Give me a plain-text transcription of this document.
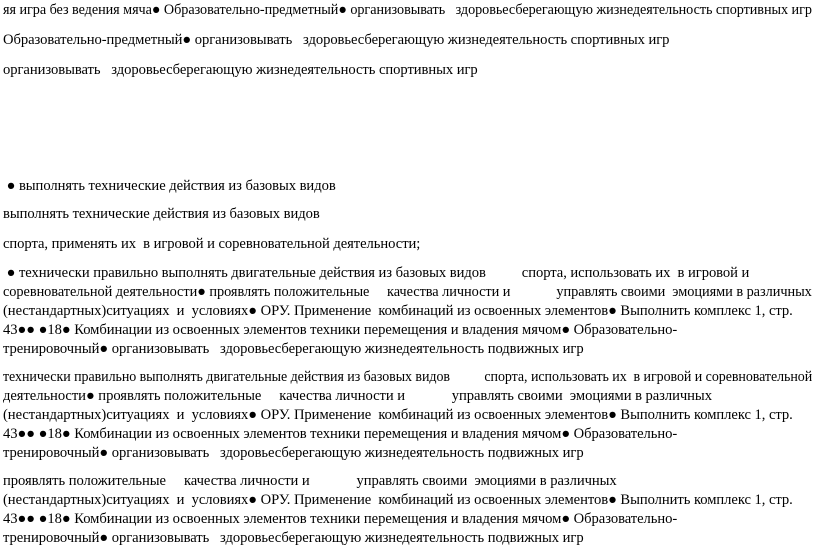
яя игра без ведения мяча● Образовательно-предметный● организовывать   здоровьесберегающую жизнедеятельность спортивных игр
Образовательно-предметный● организовывать   здоровьесберегающую жизнедеятельность спортивных игр
организовывать   здоровьесберегающую жизнедеятельность спортивных игр
● выполнять технические действия из базовых видов
выполнять технические действия из базовых видов
спорта, применять их  в игровой и соревновательной деятельности;
● технически правильно выполнять двигательные действия из базовых видов          спорта, использовать их  в игровой и
соревновательной деятельности● проявлять положительные     качества личности и             управлять своими  эмоциями в различных
(нестандартных)ситуациях  и  условиях● ОРУ. Применение  комбинаций из освоенных элементов● Выполнить комплекс 1, стр.
43●● ●18● Комбинации из освоенных элементов техники перемещения и владения мячом● Образовательно-
тренировочный● организовывать   здоровьесберегающую жизнедеятельность подвижных игр
технически правильно выполнять двигательные действия из базовых видов          спорта, использовать их  в игровой и соревновательной
деятельности● проявлять положительные     качества личности и             управлять своими  эмоциями в различных
(нестандартных)ситуациях  и  условиях● ОРУ. Применение  комбинаций из освоенных элементов● Выполнить комплекс 1, стр.
43●● ●18● Комбинации из освоенных элементов техники перемещения и владения мячом● Образовательно-
тренировочный● организовывать   здоровьесберегающую жизнедеятельность подвижных игр
проявлять положительные     качества личности и             управлять своими  эмоциями в различных
(нестандартных)ситуациях  и  условиях● ОРУ. Применение  комбинаций из освоенных элементов● Выполнить комплекс 1, стр.
43●● ●18● Комбинации из освоенных элементов техники перемещения и владения мячом● Образовательно-
тренировочный● организовывать   здоровьесберегающую жизнедеятельность подвижных игр
